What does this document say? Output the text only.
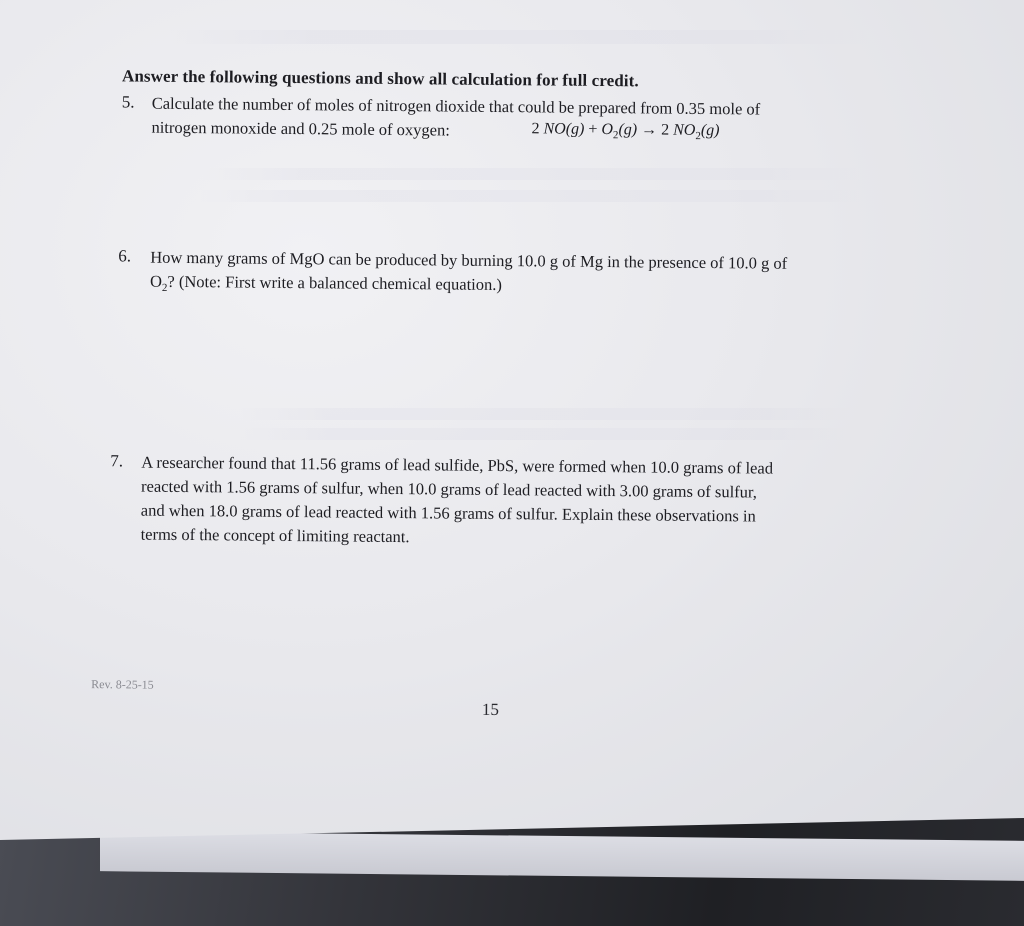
Answer the following questions and show all calculation for full credit.
5. Calculate the number of moles of nitrogen dioxide that could be prepared from 0.35 mole of
nitrogen monoxide and 0.25 mole of oxygen:	2 $NO(g) + O_2(g) \to 2$ $NO_2(g)$
6. How many grams of MgO can be produced by burning 10.0 g of Mg in the presence of 10.0 g of
$O_2$? (Note: First write a balanced chemical equation.)
7. A researcher found that 11.56 grams of lead sulfide, PbS, were formed when 10.0 grams of lead
reacted with 1.56 grams of sulfur, when 10.0 grams of lead reacted with 3.00 grams of sulfur,
and when 18.0 grams of lead reacted with 1.56 grams of sulfur. Explain these observations in
terms of the concept of limiting reactant.
Rev. 8-25-15
15
